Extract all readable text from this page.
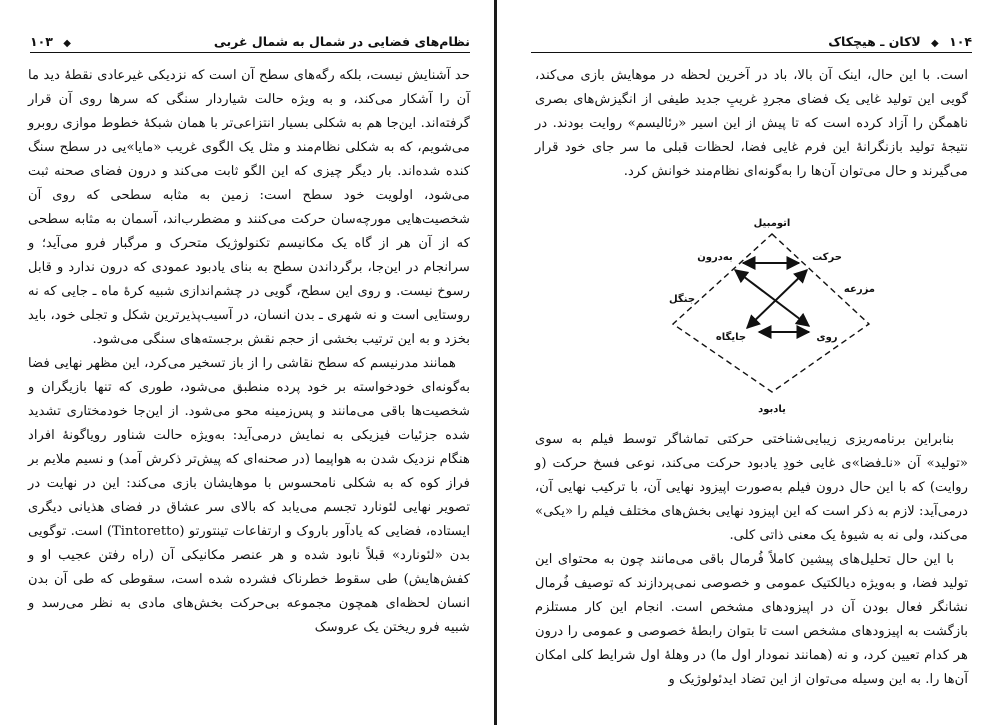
نظام‌های فضایی در شمال به شمال غربی
◆ ۱۰۳

حد آشنایش نیست، بلکه رگه‌های سطح آن است که نزدیکی غیرعادی نقطهٔ دید ما آن را آشکار می‌کند، و به ویژه حالت شیاردار سنگی که سرها روی آن قرار گرفته‌اند. این‌جا هم به شکلی بسیار انتزاعی‌تر با همان شبکهٔ خطوط موازی روبرو می‌شویم، که به شکلی نظام‌مند و مثل یک الگوی غریب «مایا»یی در سطح سنگ کنده شده‌اند. بار دیگر چیزی که این الگو ثابت می‌کند و درون فضای صحنه ثبت می‌شود، اولویت خود سطح است: زمین به مثابه سطحی که روی آن شخصیت‌هایی مورچه‌سان حرکت می‌کنند و مضطرب‌اند، آسمان به مثابه سطحی که از آن هر از گاه یک مکانیسم تکنولوژیک متحرک و مرگبار فرو می‌آید؛ و سرانجام در این‌جا، برگرداندن سطح به بنای یادبود عمودی که درون ندارد و قابل رسوخ نیست. و روی این سطح، گویی در چشم‌اندازی شبیه کرهٔ ماه ـ جایی که نه روستایی است و نه شهری ـ بدن انسان، در آسیب‌پذیرترین شکل و تجلی خود، باید بخزد و به این ترتیب بخشی از حجم نقش برجسته‌های سنگی می‌شود.

همانند مدرنیسم که سطح نقاشی را از باز تسخیر می‌کرد، این مظهر نهایی فضا به‌گونه‌ای خودخواسته بر خود پرده منطبق می‌شود، طوری که تنها بازیگران و شخصیت‌ها باقی می‌مانند و پس‌زمینه محو می‌شود. از این‌جا خودمختاری تشدید شده جزئیات فیزیکی به نمایش درمی‌آید: به‌ویژه حالت شناور رویاگونهٔ افراد هنگام نزدیک شدن به هواپیما (در صحنه‌ای که پیش‌تر ذکرش آمد) و نسیم ملایم بر فراز کوه که به شکلی نامحسوس با موهایشان بازی می‌کند: این در نهایت در تصویر نهایی لئونارد تجسم می‌یابد که بالای سر عشاق در فضای هذیانی دیگری ایستاده، فضایی که یادآور باروک و ارتفاعات تینتورتو (Tintoretto) است. توگویی بدن «لئونارد» قبلاً نابود شده و هر عنصر مکانیکی آن (راه رفتن عجیب او و کفش‌هایش) طی سقوط خطرناک فشرده شده است، سقوطی که طی آن بدن انسان لحظه‌ای همچون مجموعه بی‌حرکت بخش‌های مادی به نظر می‌رسد و شبیه فرو ریختن یک عروسک

۱۰۴ ◆ لاکان ـ هیچکاک

است. با این حال، اینک آن بالا، باد در آخرین لحظه در موهایش بازی می‌کند، گویی این تولید غایی یک فضای مجردِ غریبِ جدید طیفی از انگیزش‌های بصری ناهمگن را آزاد کرده است که تا پیش از این اسیر «رئالیسم» روایت بودند. در نتیجهٔ تولید بازنگرانهٔ این فرم غایی فضا، لحظات قبلی ما سر جای خود قرار می‌گیرند و حال می‌توان آن‌ها را به‌گونه‌ای نظام‌مند خوانش کرد.

اتومبیل
یادبود
جنگل
مزرعه
به‌درون	حرکت
جایگاه	روی

بنابراین برنامه‌ریزی زیبایی‌شناختی حرکتی تماشاگر توسط فیلم به سوی «تولید» آن «نا‌ـ‌فضا»ی غایی خودِ یادبود حرکت می‌کند، نوعی فسخ حرکت (و روایت) که با این حال درون فیلم به‌صورت اپیزود نهایی آن، با ترکیب نهایی آن، درمی‌آید: لازم به ذکر است که این اپیزود نهایی بخش‌های مختلف فیلم را «یکی» می‌کند، ولی نه به شیوهٔ یک معنی ذاتی کلی.

با این حال تحلیل‌های پیشین کاملاً فُرمال باقی می‌مانند چون به محتوای این تولید فضا، و به‌ویژه دیالکتیک عمومی و خصوصی نمی‌پردازند که توصیف فُرمال نشانگر فعال بودن آن در اپیزودهای مشخص است. انجام این کار مستلزم بازگشت به اپیزودهای مشخص است تا بتوان رابطهٔ خصوصی و عمومی را درون هر کدام تعیین کرد، و نه (همانند نمودار اول ما) در وهلهٔ اول شرایط کلی امکان آن‌ها را. به این وسیله می‌توان از این تضاد ایدئولوژیک و
